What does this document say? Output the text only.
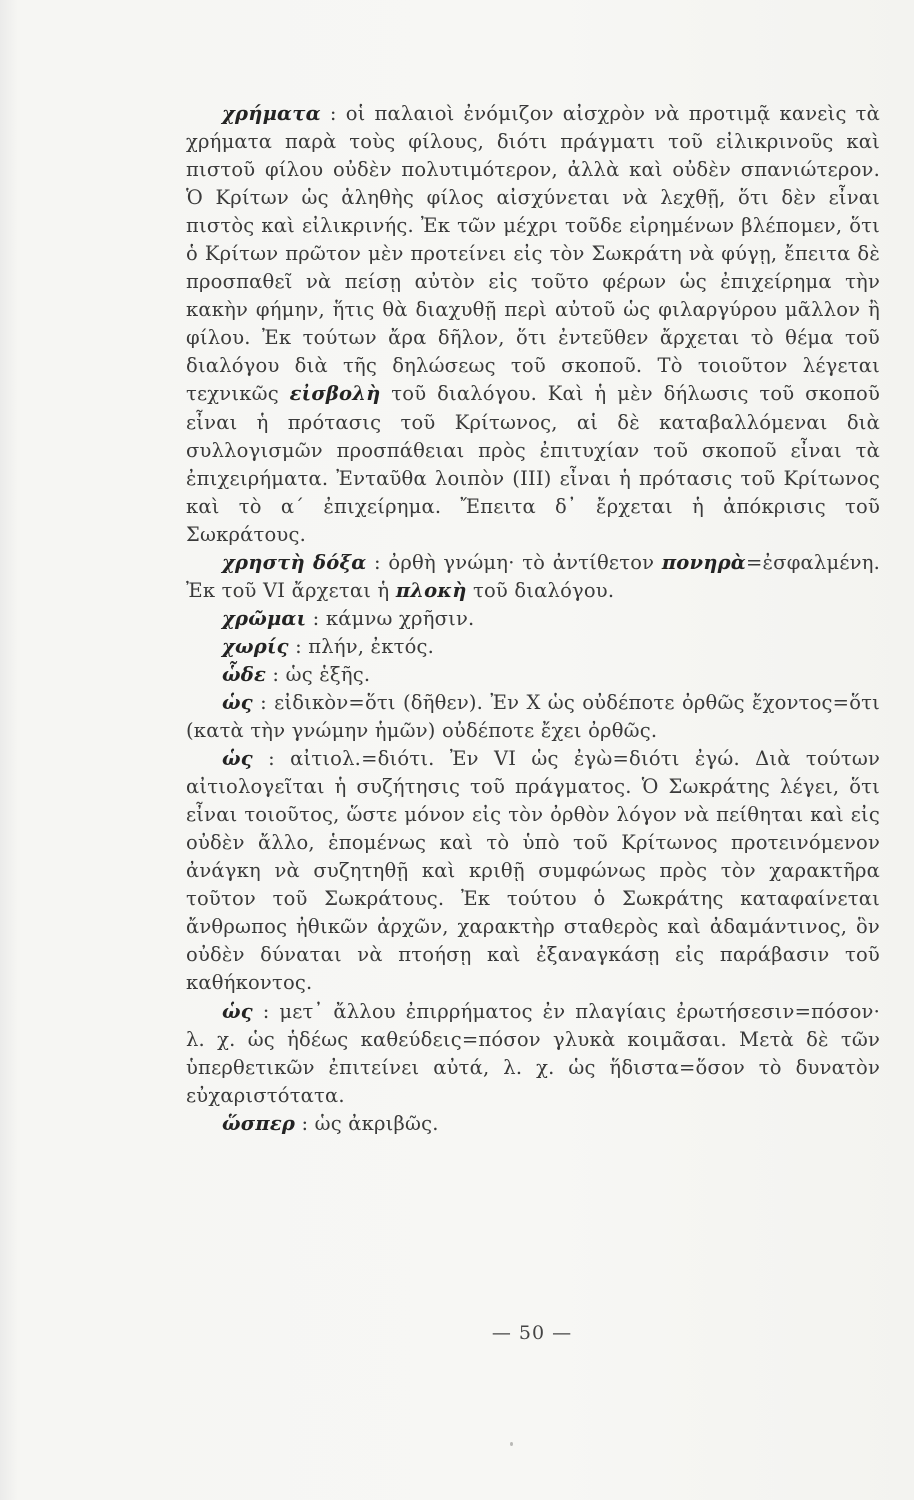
χρήματα : οἱ παλαιοὶ ἐνόμιζον αἰσχρὸν νὰ προτιμᾷ κανεὶς τὰ χρήματα παρὰ τοὺς φίλους, διότι πράγματι τοῦ εἰλικρινοῦς καὶ πιστοῦ φίλου οὐδὲν πολυτιμότερον, ἀλλὰ καὶ οὐδὲν σπανιώτερον. Ὁ Κρίτων ὡς ἀληθὴς φίλος αἰσχύνεται νὰ λεχθῇ, ὅτι δὲν εἶναι πιστὸς καὶ εἰλικρινής. Ἐκ τῶν μέχρι τοῦδε εἰρημένων βλέπομεν, ὅτι ὁ Κρίτων πρῶτον μὲν προτείνει εἰς τὸν Σωκράτη νὰ φύγῃ, ἔπειτα δὲ προσπαθεῖ νὰ πείσῃ αὐτὸν εἰς τοῦτο φέρων ὡς ἐπιχείρημα τὴν κακὴν φήμην, ἥτις θὰ διαχυθῇ περὶ αὐτοῦ ὡς φιλαργύρου μᾶλλον ἢ φίλου. Ἐκ τούτων ἄρα δῆλον, ὅτι ἐντεῦθεν ἄρχεται τὸ θέμα τοῦ διαλόγου διὰ τῆς δηλώσεως τοῦ σκοποῦ. Τὸ τοιοῦτον λέγεται τεχνικῶς εἰσβολὴ τοῦ διαλόγου. Καὶ ἡ μὲν δήλωσις τοῦ σκοποῦ εἶναι ἡ πρότασις τοῦ Κρίτωνος, αἱ δὲ καταβαλλόμεναι διὰ συλλογισμῶν προσπάθειαι πρὸς ἐπιτυχίαν τοῦ σκοποῦ εἶναι τὰ ἐπιχειρήματα. Ἐνταῦθα λοιπὸν (ΙΙΙ) εἶναι ἡ πρότασις τοῦ Κρίτωνος καὶ τὸ α΄ ἐπιχείρημα. Ἔπειτα δ᾿ ἔρχεται ἡ ἀπόκρισις τοῦ Σωκράτους.

χρηστὴ δόξα : ὀρθὴ γνώμη· τὸ ἀντίθετον πονηρὰ=ἐσφαλμένη. Ἐκ τοῦ VI ἄρχεται ἡ πλοκὴ τοῦ διαλόγου.

χρῶμαι : κάμνω χρῆσιν.

χωρίς : πλήν, ἐκτός.

ὧδε : ὡς ἑξῆς.

ὡς : εἰδικὸν=ὅτι (δῆθεν). Ἐν Χ ὡς οὐδέποτε ὀρθῶς ἔχοντος=ὅτι (κατὰ τὴν γνώμην ἡμῶν) οὐδέποτε ἔχει ὀρθῶς.

ὡς : αἰτιολ.=διότι. Ἐν VI ὡς ἐγὼ=διότι ἐγώ. Διὰ τούτων αἰτιολογεῖται ἡ συζήτησις τοῦ πράγματος. Ὁ Σωκράτης λέγει, ὅτι εἶναι τοιοῦτος, ὥστε μόνον εἰς τὸν ὀρθὸν λόγον νὰ πείθηται καὶ εἰς οὐδὲν ἄλλο, ἑπομένως καὶ τὸ ὑπὸ τοῦ Κρίτωνος προτεινόμενον ἀνάγκη νὰ συζητηθῇ καὶ κριθῇ συμφώνως πρὸς τὸν χαρακτῆρα τοῦτον τοῦ Σωκράτους. Ἐκ τούτου ὁ Σωκράτης καταφαίνεται ἄνθρωπος ἠθικῶν ἀρχῶν, χαρακτὴρ σταθερὸς καὶ ἀδαμάντινος, ὃν οὐδὲν δύναται νὰ πτοήσῃ καὶ ἐξαναγκάσῃ εἰς παράβασιν τοῦ καθήκοντος.

ὡς : μετ᾿ ἄλλου ἐπιρρήματος ἐν πλαγίαις ἐρωτήσεσιν=πόσον· λ. χ. ὡς ἡδέως καθεύδεις=πόσον γλυκὰ κοιμᾶσαι. Μετὰ δὲ τῶν ὑπερθετικῶν ἐπιτείνει αὐτά, λ. χ. ὡς ἥδιστα=ὅσον τὸ δυνατὸν εὐχαριστότατα.

ὥσπερ : ὡς ἀκριβῶς.

— 50 —
